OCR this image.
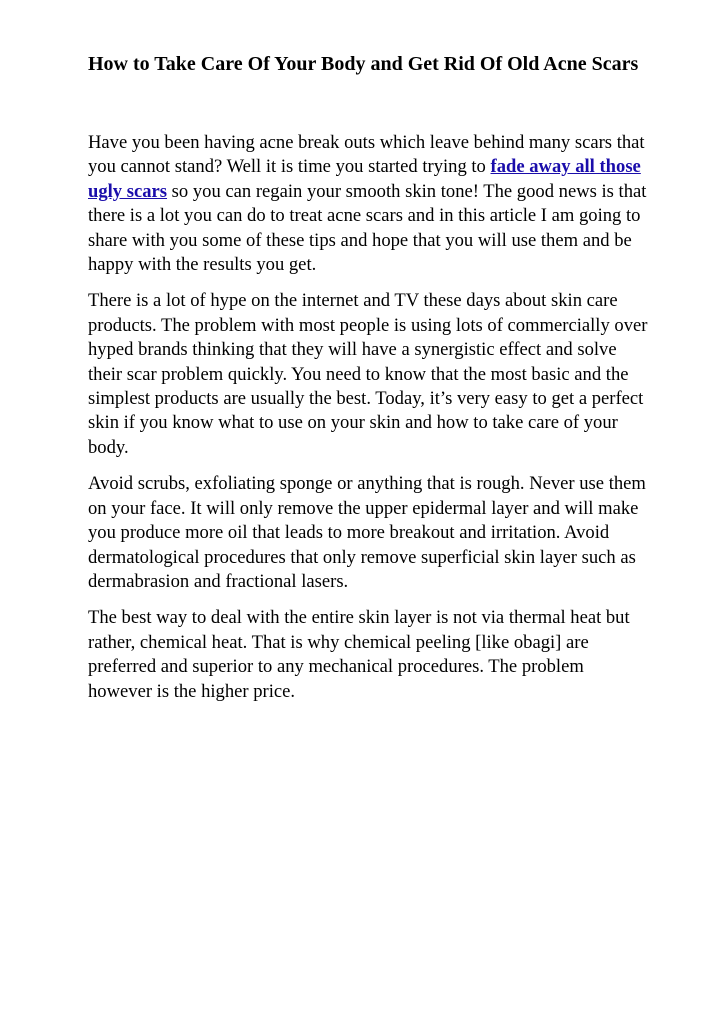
How to Take Care Of Your Body and Get Rid Of Old Acne Scars

Have you been having acne break outs which leave behind many scars that you cannot stand? Well it is time you started trying to fade away all those ugly scars so you can regain your smooth skin tone! The good news is that there is a lot you can do to treat acne scars and in this article I am going to share with you some of these tips and hope that you will use them and be happy with the results you get.

There is a lot of hype on the internet and TV these days about skin care products. The problem with most people is using lots of commercially over hyped brands thinking that they will have a synergistic effect and solve their scar problem quickly. You need to know that the most basic and the simplest products are usually the best. Today, it’s very easy to get a perfect skin if you know what to use on your skin and how to take care of your body.

Avoid scrubs, exfoliating sponge or anything that is rough. Never use them on your face. It will only remove the upper epidermal layer and will make you produce more oil that leads to more breakout and irritation. Avoid dermatological procedures that only remove superficial skin layer such as dermabrasion and fractional lasers.

The best way to deal with the entire skin layer is not via thermal heat but rather, chemical heat. That is why chemical peeling [like obagi] are preferred and superior to any mechanical procedures. The problem however is the higher price.
